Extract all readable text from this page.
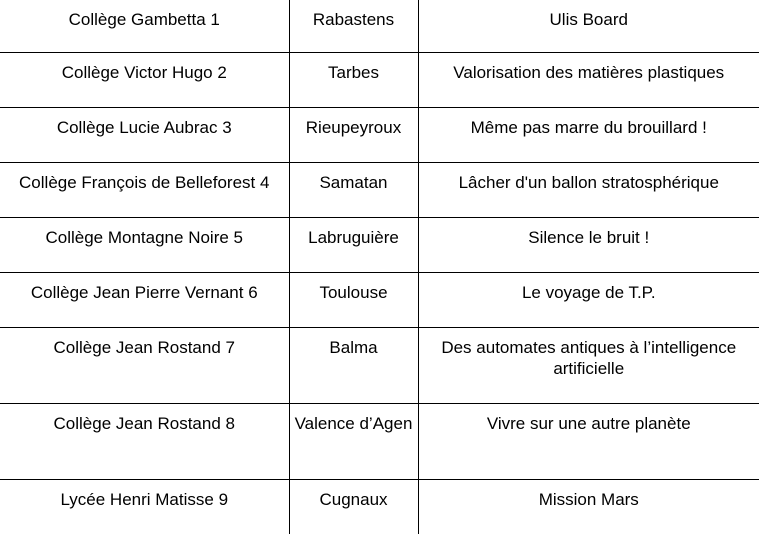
Collège Gambetta 1	Rabastens	Ulis Board
Collège Victor Hugo 2	Tarbes	Valorisation des matières plastiques
Collège Lucie Aubrac 3	Rieupeyroux	Même pas marre du brouillard !
Collège François de Belleforest 4	Samatan	Lâcher d'un ballon stratosphérique
Collège Montagne Noire 5	Labruguière	Silence le bruit !
Collège Jean Pierre Vernant 6	Toulouse	Le voyage de T.P.
Collège Jean Rostand 7	Balma	Des automates antiques à l’intelligence artificielle
Collège Jean Rostand 8	Valence d’Agen	Vivre sur une autre planète
Lycée Henri Matisse 9	Cugnaux	Mission Mars
